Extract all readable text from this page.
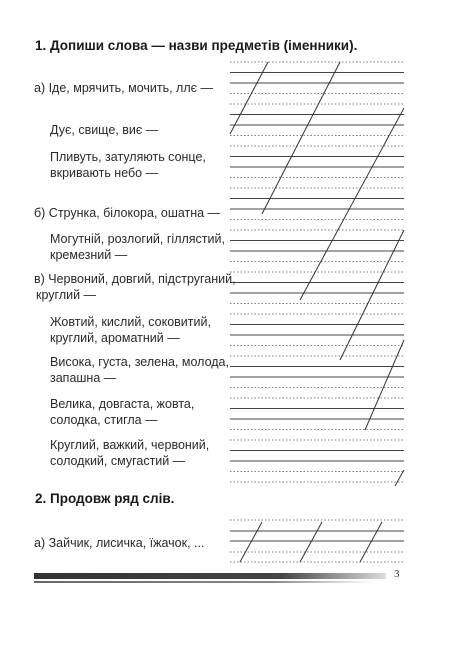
1. Допиши слова — назви предметів (іменники).
а) Іде, мрячить, мочить, ллє —
Дує, свище, виє —
Пливуть, затуляють сонце,
вкривають небо —
б) Струнка, білокора, ошатна —
Могутній, розлогий, гіллястий,
кремезний —
в) Червоний, довгий, підструганий,
круглий —
Жовтий, кислий, соковитий,
круглий, ароматний —
Висока, густа, зелена, молода,
запашна —
Велика, довгаста, жовта,
солодка, стигла —
Круглий, важкий, червоний,
солодкий, смугастий —
2. Продовж ряд слів.
а) Зайчик, лисичка, їжачок, ...
3
